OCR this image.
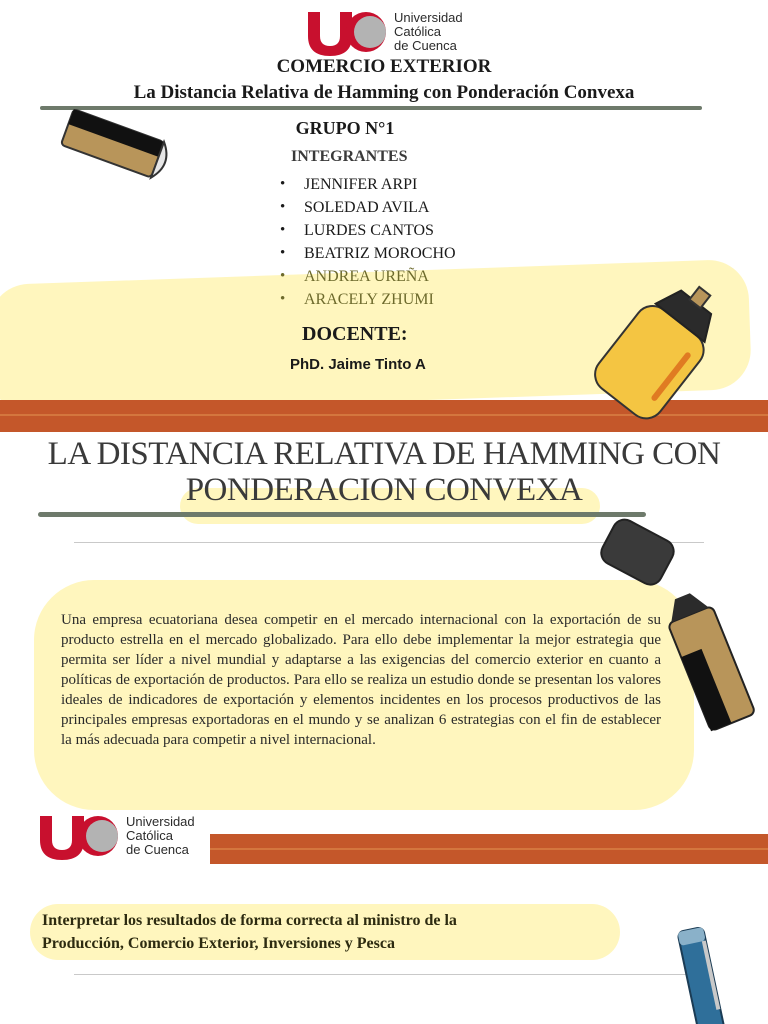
Universidad
Católica
de Cuenca
COMERCIO EXTERIOR
La Distancia Relativa de Hamming con Ponderación Convexa
GRUPO N°1
INTEGRANTES
• JENNIFER ARPI
• SOLEDAD AVILA
• LURDES CANTOS
• BEATRIZ MOROCHO
• ANDREA UREÑA
• ARACELY ZHUMI
DOCENTE:
PhD. Jaime Tinto A
LA DISTANCIA RELATIVA DE HAMMING CON
PONDERACION CONVEXA
Una empresa ecuatoriana desea competir en el mercado internacional con la exportación de su producto estrella en el mercado globalizado. Para ello debe implementar la mejor estrategia que permita ser líder a nivel mundial y adaptarse a las exigencias del comercio exterior en cuanto a políticas de exportación de productos. Para ello se realiza un estudio donde se presentan los valores ideales de indicadores de exportación y elementos incidentes en los procesos productivos de las principales empresas exportadoras en el mundo y se analizan 6 estrategias con el fin de establecer la más adecuada para competir a nivel internacional.
Universidad
Católica
de Cuenca
Interpretar los resultados de forma correcta al ministro de la
Producción, Comercio Exterior, Inversiones y Pesca
